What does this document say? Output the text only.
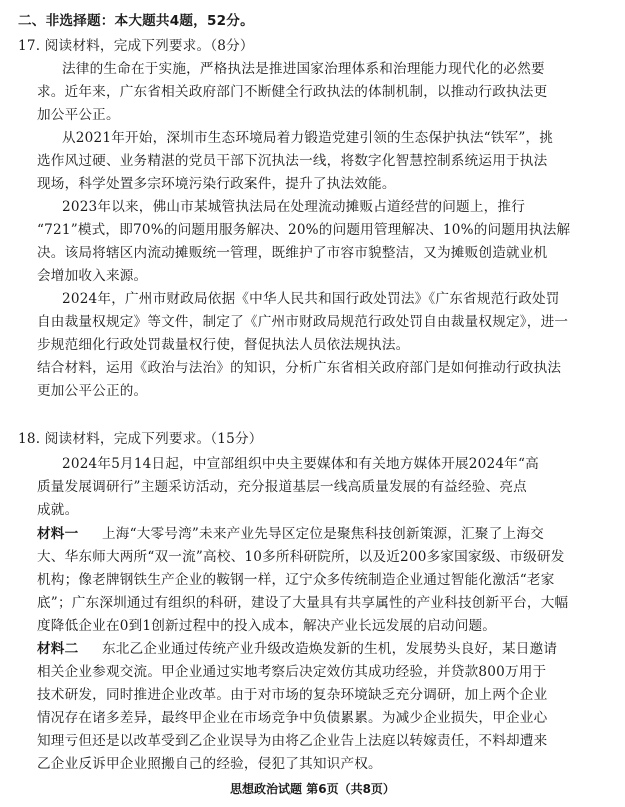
二、非选择题：本大题共4题，52分。
17. 阅读材料，完成下列要求。（8分）
法律的生命在于实施，严格执法是推进国家治理体系和治理能力现代化的必然要
求。近年来，广东省相关政府部门不断健全行政执法的体制机制，以推动行政执法更
加公平公正。
从2021年开始，深圳市生态环境局着力锻造党建引领的生态保护执法“铁军”，挑
选作风过硬、业务精湛的党员干部下沉执法一线，将数字化智慧控制系统运用于执法
现场，科学处置多宗环境污染行政案件，提升了执法效能。
2023年以来，佛山市某城管执法局在处理流动摊贩占道经营的问题上，推行
“721”模式，即70%的问题用服务解决、20%的问题用管理解决、10%的问题用执法解
决。该局将辖区内流动摊贩统一管理，既维护了市容市貌整洁，又为摊贩创造就业机
会增加收入来源。
2024年，广州市财政局依据《中华人民共和国行政处罚法》《广东省规范行政处罚
自由裁量权规定》等文件，制定了《广州市财政局规范行政处罚自由裁量权规定》，进一
步规范细化行政处罚裁量权行使，督促执法人员依法规执法。
结合材料，运用《政治与法治》的知识，分析广东省相关政府部门是如何推动行政执法
更加公平公正的。
18. 阅读材料，完成下列要求。（15分）
2024年5月14日起，中宣部组织中央主要媒体和有关地方媒体开展2024年“高
质量发展调研行”主题采访活动，充分报道基层一线高质量发展的有益经验、亮点
成就。
材料一 上海“大零号湾”未来产业先导区定位是聚焦科技创新策源，汇聚了上海交
大、华东师大两所“双一流”高校、10多所科研院所，以及近200多家国家级、市级研发
机构；像老牌钢铁生产企业的鞍钢一样，辽宁众多传统制造企业通过智能化激活“老家
底”；广东深圳通过有组织的科研，建设了大量具有共享属性的产业科技创新平台，大幅
度降低企业在0到1创新过程中的投入成本，解决产业长远发展的启动问题。
材料二 东北乙企业通过传统产业升级改造焕发新的生机，发展势头良好，某日邀请
相关企业参观交流。甲企业通过实地考察后决定效仿其成功经验，并贷款800万用于
技术研发，同时推进企业改革。由于对市场的复杂环境缺乏充分调研，加上两个企业
情况存在诸多差异，最终甲企业在市场竞争中负债累累。为减少企业损失，甲企业心
知理亏但还是以改革受到乙企业误导为由将乙企业告上法庭以转嫁责任，不料却遭来
乙企业反诉甲企业照搬自己的经验，侵犯了其知识产权。
思想政治试题 第6页（共8页）
